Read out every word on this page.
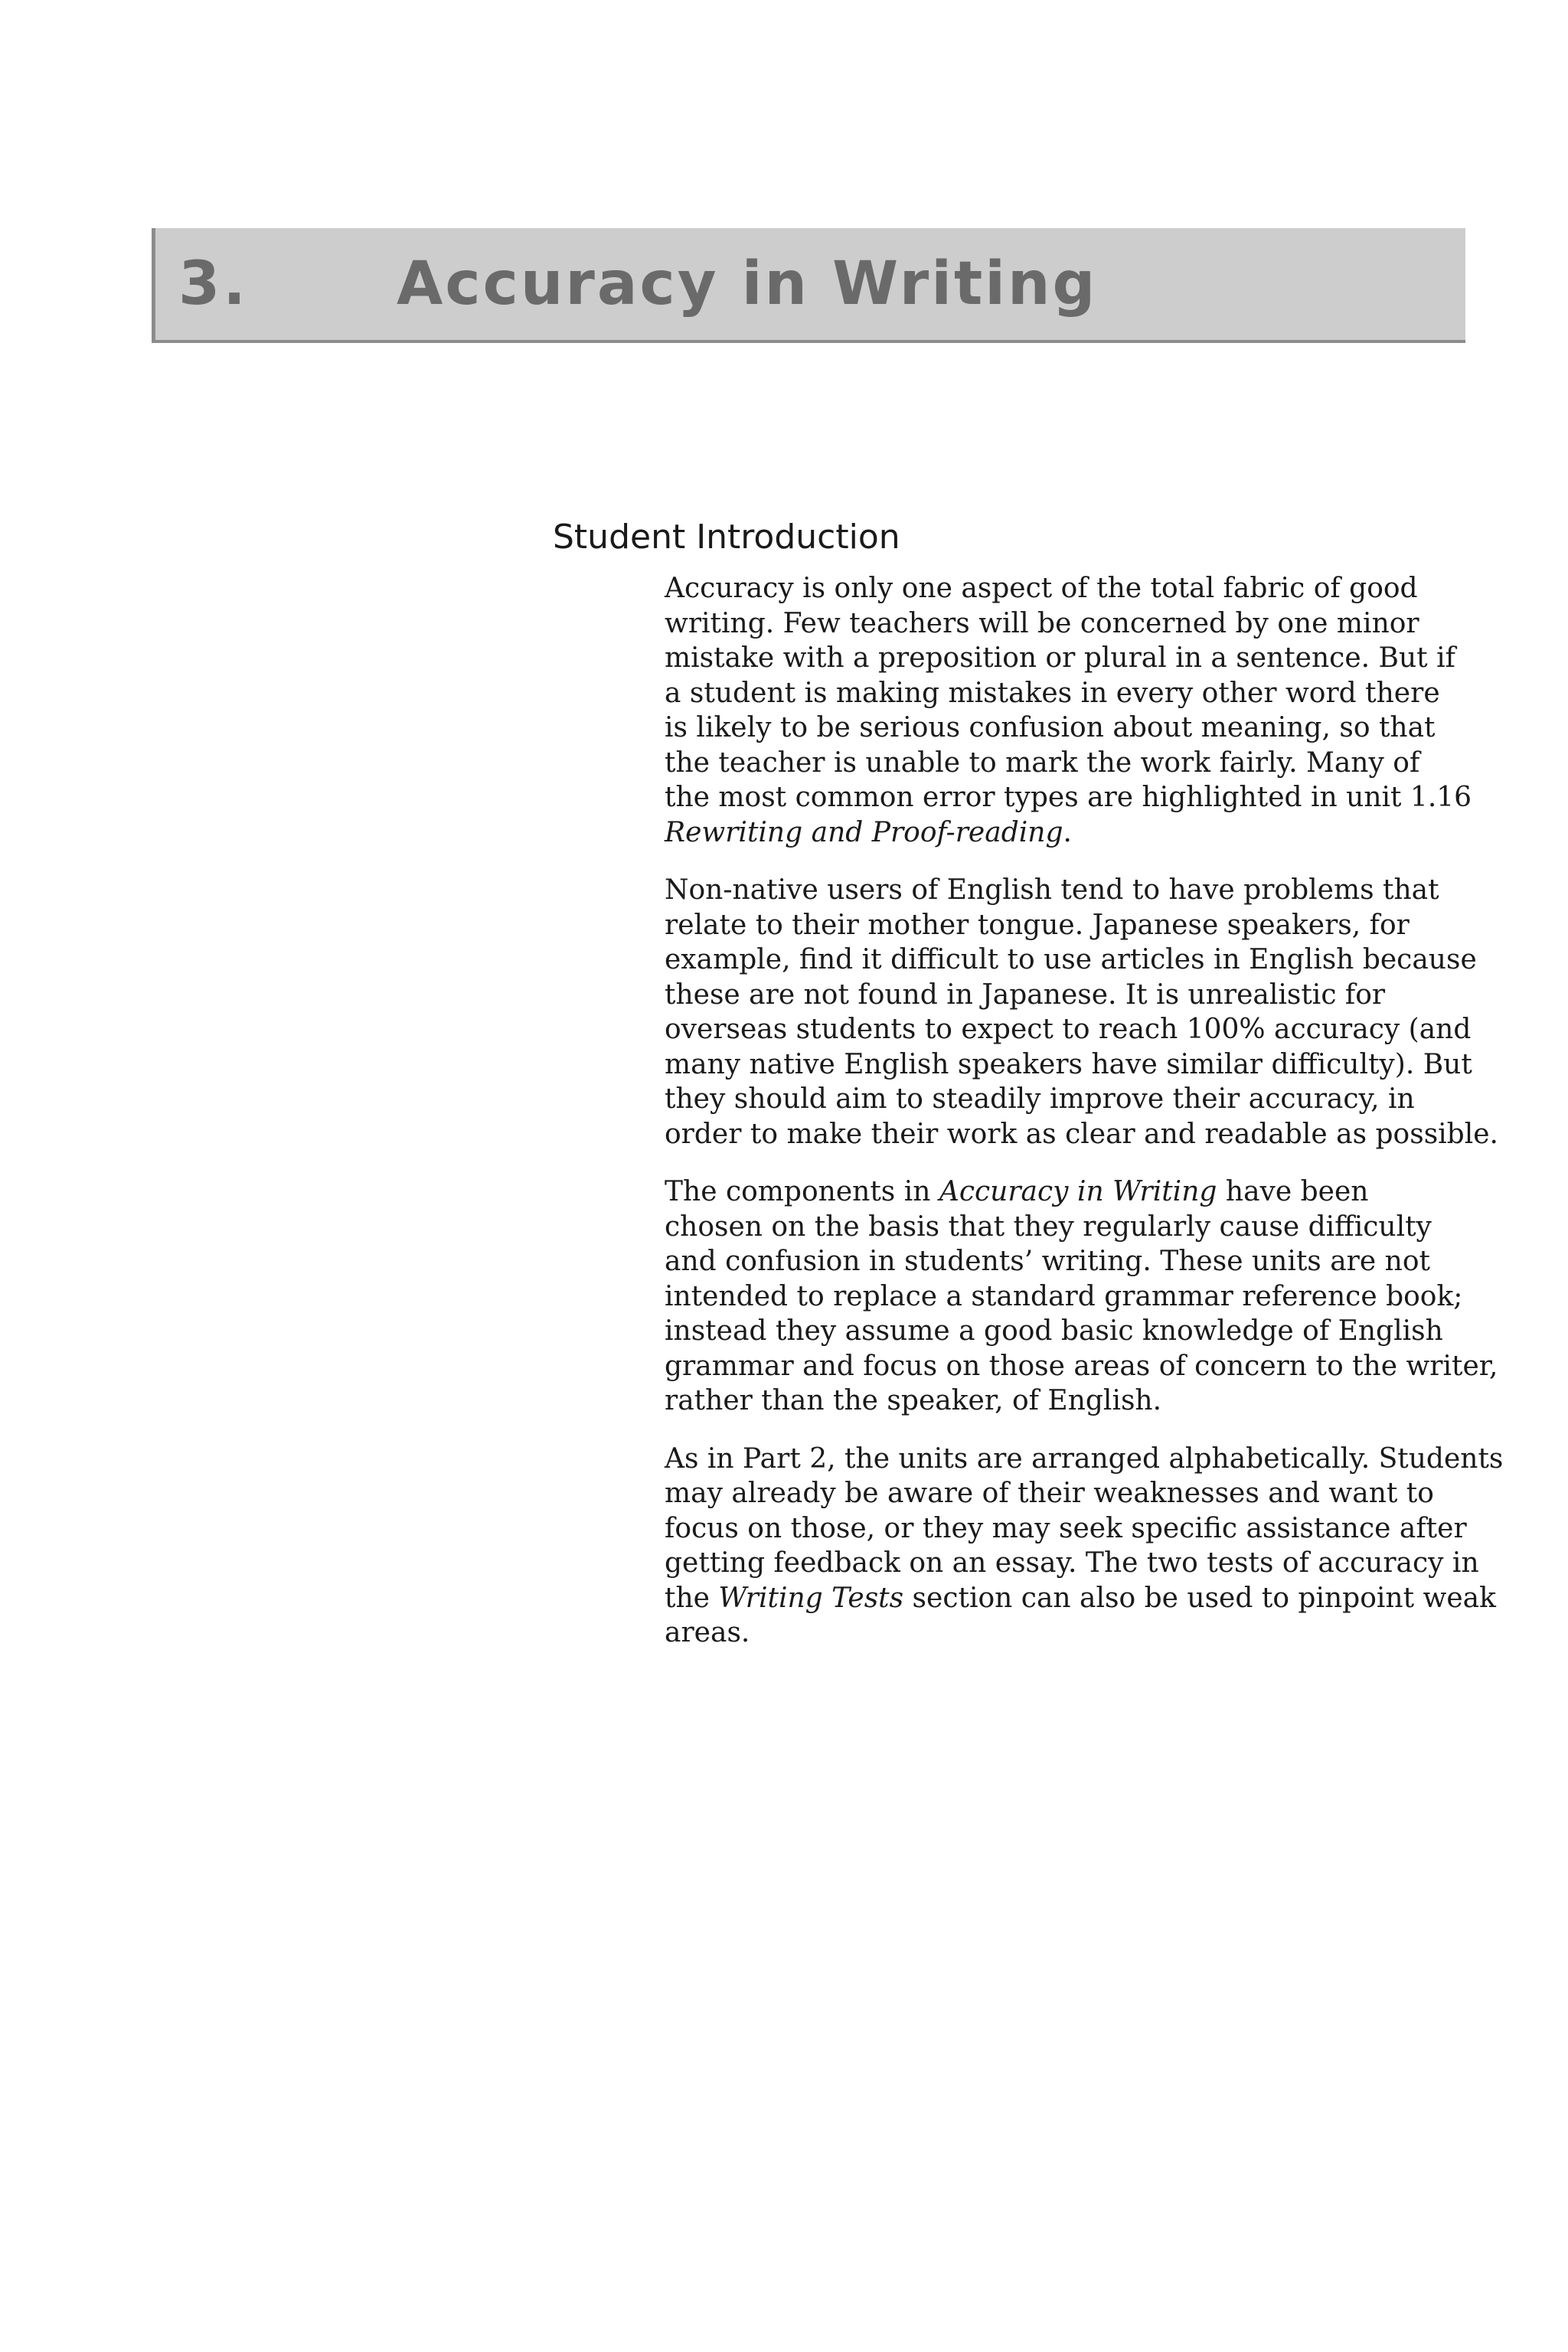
3. Accuracy in Writing
Student Introduction
Accuracy is only one aspect of the total fabric of good
writing. Few teachers will be concerned by one minor
mistake with a preposition or plural in a sentence. But if
a student is making mistakes in every other word there
is likely to be serious confusion about meaning, so that
the teacher is unable to mark the work fairly. Many of
the most common error types are highlighted in unit 1.16
Rewriting and Proof-reading.
Non-native users of English tend to have problems that
relate to their mother tongue. Japanese speakers, for
example, find it difficult to use articles in English because
these are not found in Japanese. It is unrealistic for
overseas students to expect to reach 100% accuracy (and
many native English speakers have similar difficulty). But
they should aim to steadily improve their accuracy, in
order to make their work as clear and readable as possible.
The components in Accuracy in Writing have been
chosen on the basis that they regularly cause difficulty
and confusion in students’ writing. These units are not
intended to replace a standard grammar reference book;
instead they assume a good basic knowledge of English
grammar and focus on those areas of concern to the writer,
rather than the speaker, of English.
As in Part 2, the units are arranged alphabetically. Students
may already be aware of their weaknesses and want to
focus on those, or they may seek specific assistance after
getting feedback on an essay. The two tests of accuracy in
the Writing Tests section can also be used to pinpoint weak
areas.
